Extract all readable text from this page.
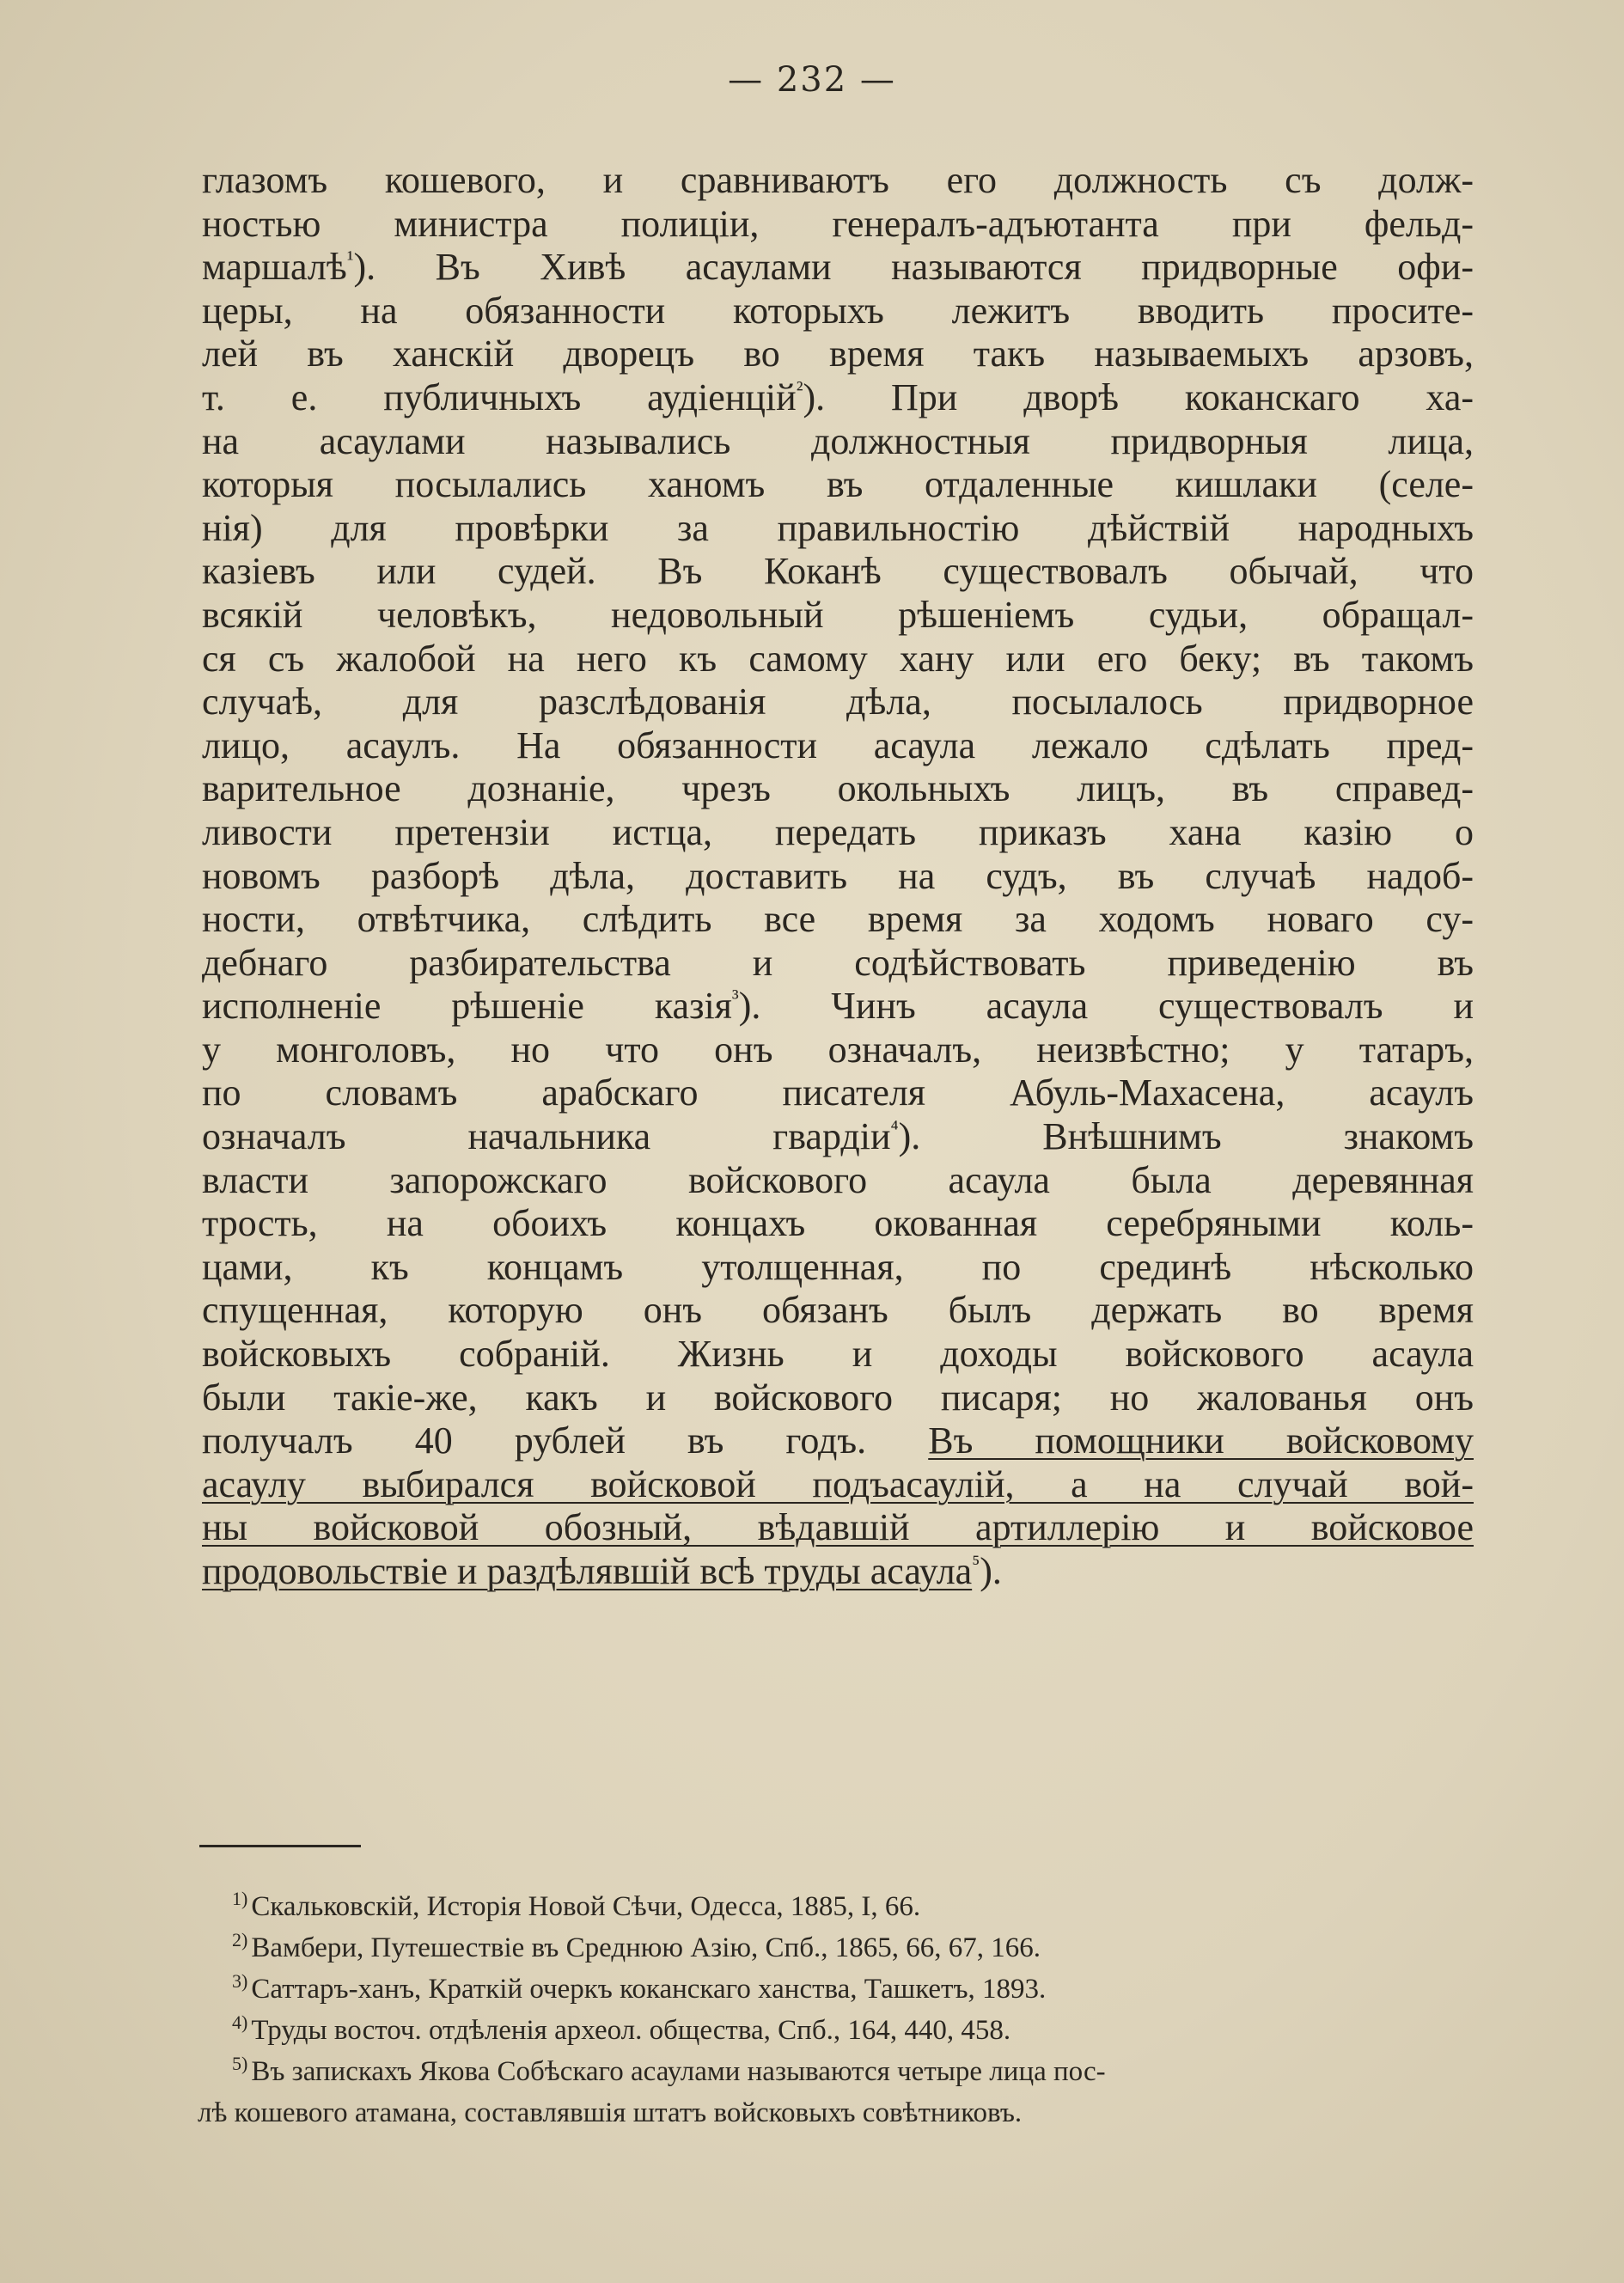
— 232 —
глазомъ кошевого, и сравниваютъ его должность съ долж-
ностью министра полиціи, генералъ-адъютанта при фельд-
маршалѣ$^{^1}$). Въ Хивѣ асаулами называются придворные офи-
церы, на обязанности которыхъ лежитъ вводить просите-
лей въ ханскій дворецъ во время такъ называемыхъ арзовъ,
т. е. публичныхъ аудіенцій$^{^2}$). При дворѣ коканскаго ха-
на асаулами назывались должностныя придворныя лица,
которыя посылались ханомъ въ отдаленные кишлаки (селе-
нія) для провѣрки за правильностію дѣйствій народныхъ
казіевъ или судей. Въ Коканѣ существовалъ обычай, что
всякій человѣкъ, недовольный рѣшеніемъ судьи, обращал-
ся съ жалобой на него къ самому хану или его беку; въ такомъ
случаѣ, для разслѣдованія дѣла, посылалось придворное
лицо, асаулъ. На обязанности асаула лежало сдѣлать пред-
варительное дознаніе, чрезъ окольныхъ лицъ, въ справед-
ливости претензіи истца, передать приказъ хана казію о
новомъ разборѣ дѣла, доставить на судъ, въ случаѣ надоб-
ности, отвѣтчика, слѣдить все время за ходомъ новаго су-
дебнаго разбирательства и содѣйствовать приведенію въ
исполненіе рѣшеніе казія$^{^3}$). Чинъ асаула существовалъ и
у монголовъ, но что онъ означалъ, неизвѣстно; у татаръ,
по словамъ арабскаго писателя Абуль-Махасена, асаулъ
означалъ начальника гвардіи$^{^4}$). Внѣшнимъ знакомъ
власти запорожскаго войскового асаула была деревянная
трость, на обоихъ концахъ окованная серебряными коль-
цами, къ концамъ утолщенная, по срединѣ нѣсколько
спущенная, которую онъ обязанъ былъ держать во время
войсковыхъ собраній. Жизнь и доходы войскового асаула
были такіе-же, какъ и войскового писаря; но жалованья онъ
получалъ 40 рублей въ годъ. Въ помощники войсковому
асаулу выбирался войсковой подъасаулій, а на случай вой-
ны войсковой обозный, вѣдавшій артиллерію и войсковое
продовольствіе и раздѣлявшій всѣ труды асаула$^{^5}$).
$^{1)}$ Скальковскій, Исторія Новой Сѣчи, Одесса, 1885, I, 66.
$^{2)}$ Вамбери, Путешествіе въ Среднюю Азію, Спб., 1865, 66, 67, 166.
$^{3)}$ Саттаръ-ханъ, Краткій очеркъ коканскаго ханства, Ташкетъ, 1893.
$^{4)}$ Труды восточ. отдѣленія археол. общества, Спб., 164, 440, 458.
$^{5)}$ Въ запискахъ Якова Собѣскаго асаулами называются четыре лица пос-
лѣ кошевого атамана, составлявшія штатъ войсковыхъ совѣтниковъ.
